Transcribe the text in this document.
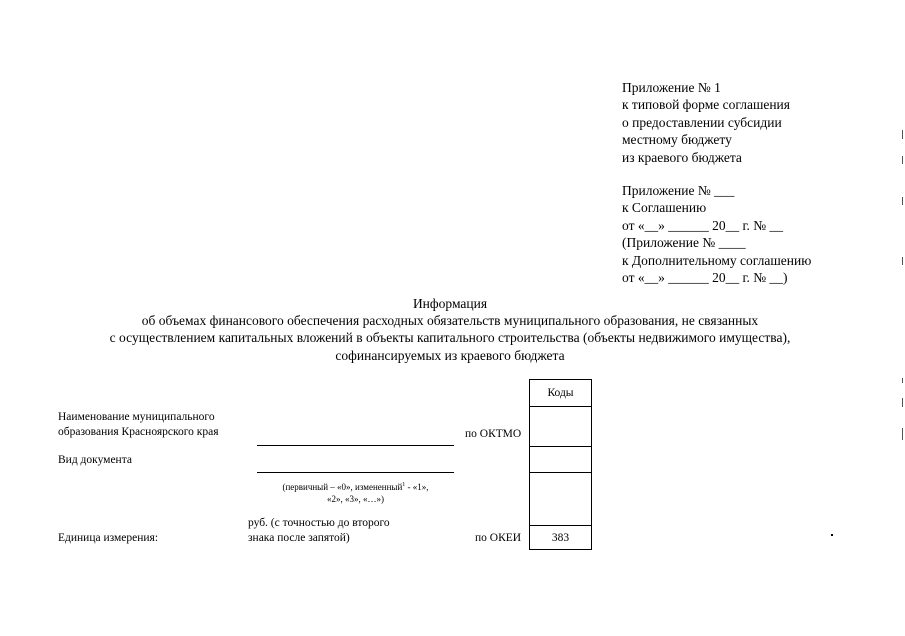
Приложение № 1
к типовой форме соглашения
о предоставлении субсидии
местному бюджету
из краевого бюджета
Приложение № ___
к Соглашению
от «__» ______ 20__ г. № __
(Приложение № ____
к Дополнительному соглашению
от «__» ______ 20__ г. № __)
Информация
об объемах финансового обеспечения расходных обязательств муниципального образования, не связанных
с осуществлением капитальных вложений в объекты капитального строительства (объекты недвижимого имущества),
софинансируемых из краевого бюджета
Наименование муниципального
образования Красноярского края	по ОКТМО
Вид документа
(первичный – «0», измененный$^1$ - «1»,
«2», «3», «…»)
Единица измерения:
руб. (с точностью до второго
знака после запятой)	по ОКЕИ
Коды
383
